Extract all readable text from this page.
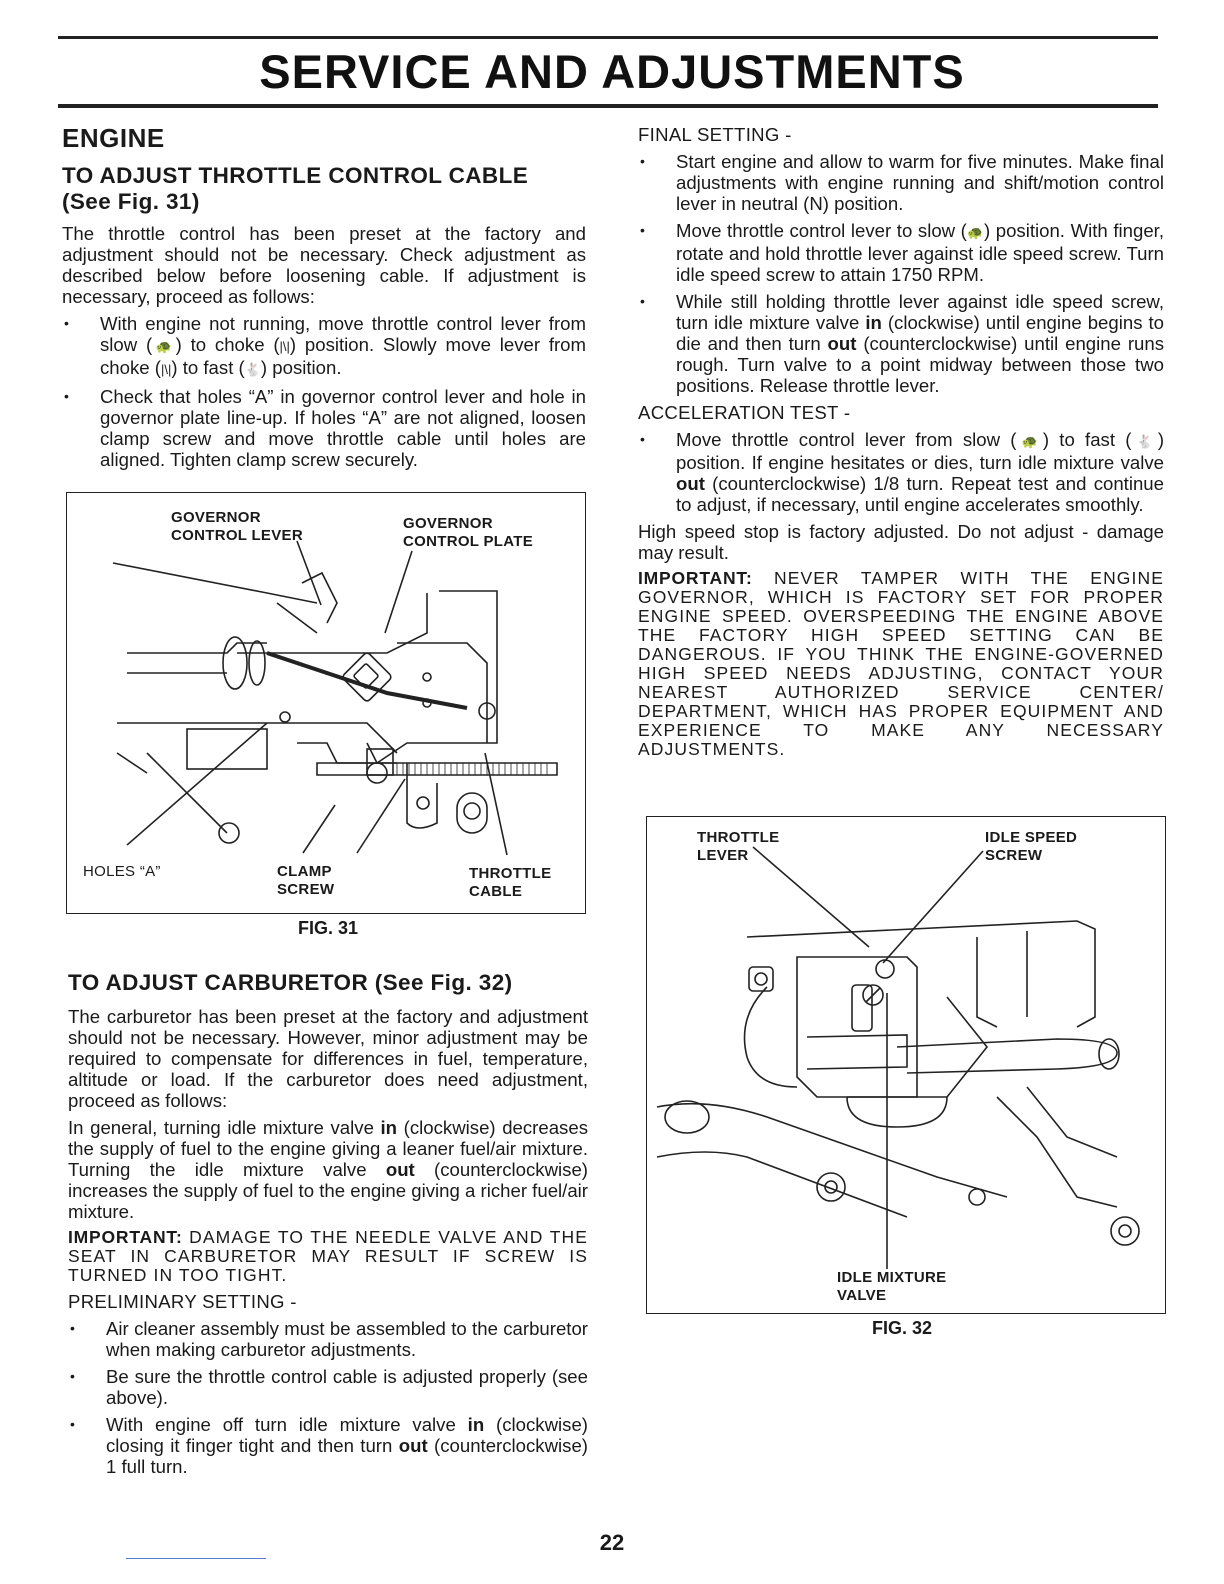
SERVICE AND ADJUSTMENTS
ENGINE
TO ADJUST THROTTLE CONTROL CABLE (See Fig. 31)

The throttle control has been preset at the factory and adjustment should not be necessary. Check adjustment as described below before loosening cable. If adjustment is necessary, proceed as follows:

• With engine not running, move throttle control lever from slow (🐢) to choke (|\|) position. Slowly move lever from choke (|\|) to fast (🐇) position.
• Check that holes “A” in governor control lever and hole in governor plate line-up. If holes “A” are not aligned, loosen clamp screw and move throttle cable until holes are aligned. Tighten clamp screw securely.
GOVERNOR CONTROL LEVER
GOVERNOR CONTROL PLATE
HOLES “A”	CLAMP SCREW
THROTTLE CABLE
FIG. 31
TO ADJUST CARBURETOR (See Fig. 32)

The carburetor has been preset at the factory and adjustment should not be necessary. However, minor adjustment may be required to compensate for differences in fuel, temperature, altitude or load. If the carburetor does need adjustment, proceed as follows:

In general, turning idle mixture valve in (clockwise) decreases the supply of fuel to the engine giving a leaner fuel/air mixture. Turning the idle mixture valve out (counterclockwise) increases the supply of fuel to the engine giving a richer fuel/air mixture.

IMPORTANT: DAMAGE TO THE NEEDLE VALVE AND THE SEAT IN CARBURETOR MAY RESULT IF SCREW IS TURNED IN TOO TIGHT.

PRELIMINARY SETTING -
• Air cleaner assembly must be assembled to the carburetor when making carburetor adjustments.
• Be sure the throttle control cable is adjusted properly (see above).
• With engine off turn idle mixture valve in (clockwise) closing it finger tight and then turn out (counterclockwise) 1 full turn.
FINAL SETTING -
• Start engine and allow to warm for five minutes. Make final adjustments with engine running and shift/motion control lever in neutral (N) position.
• Move throttle control lever to slow (🐢) position. With finger, rotate and hold throttle lever against idle speed screw. Turn idle speed screw to attain 1750 RPM.
• While still holding throttle lever against idle speed screw, turn idle mixture valve in (clockwise) until engine begins to die and then turn out (counterclockwise) until engine runs rough. Turn valve to a point midway between those two positions. Release throttle lever.
ACCELERATION TEST -
• Move throttle control lever from slow (🐢) to fast (🐇) position. If engine hesitates or dies, turn idle mixture valve out (counterclockwise) 1/8 turn. Repeat test and continue to adjust, if necessary, until engine accelerates smoothly.

High speed stop is factory adjusted. Do not adjust - damage may result.

IMPORTANT: NEVER TAMPER WITH THE ENGINE GOVERNOR, WHICH IS FACTORY SET FOR PROPER ENGINE SPEED. OVERSPEEDING THE ENGINE ABOVE THE FACTORY HIGH SPEED SETTING CAN BE DANGEROUS. IF YOU THINK THE ENGINE-GOVERNED HIGH SPEED NEEDS ADJUSTING, CONTACT YOUR NEAREST AUTHORIZED SERVICE CENTER/ DEPARTMENT, WHICH HAS PROPER EQUIPMENT AND EXPERIENCE TO MAKE ANY NECESSARY ADJUSTMENTS.

THROTTLE LEVER
IDLE SPEED SCREW
IDLE MIXTURE VALVE
FIG. 32
22
